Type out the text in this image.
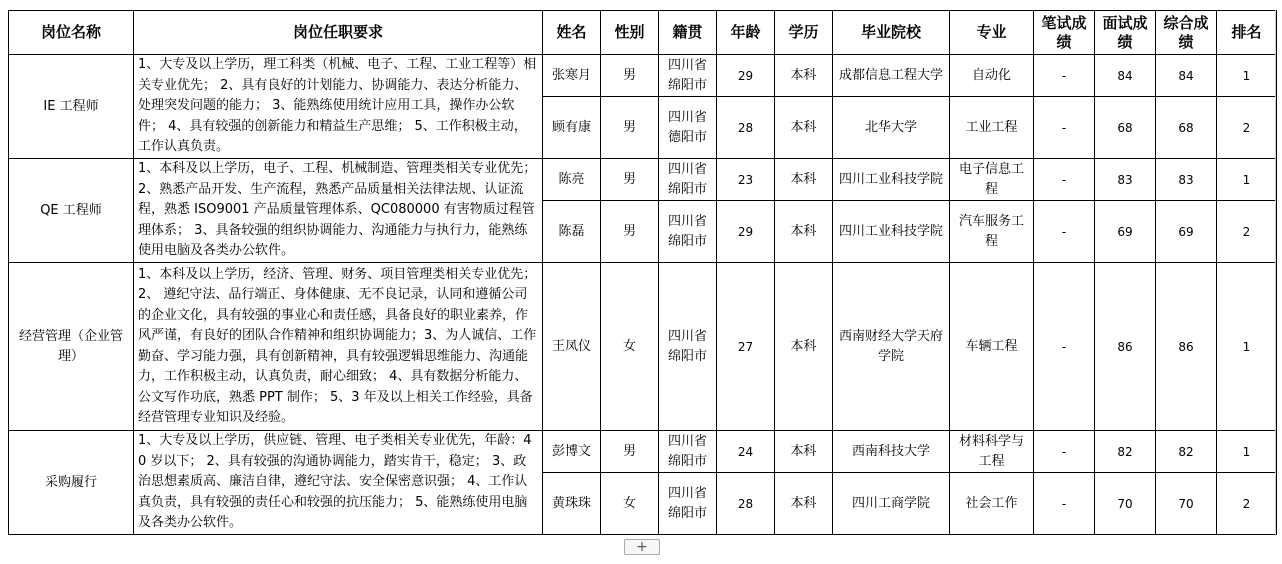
岗位名称	岗位任职要求	姓名	性别	籍贯	年龄	学历	毕业院校	专业	笔试成绩	面试成绩	综合成绩	排名
IE 工程师	1、大专及以上学历，理工科类（机械、电子、工程、工业工程等）相关专业优先； 2、具有良好的计划能力、协调能力、表达分析能力、处理突发问题的能力； 3、能熟练使用统计应用工具，操作办公软件； 4、具有较强的创新能力和精益生产思维； 5、工作积极主动，工作认真负责。	张寒月	男	四川省绵阳市	29	本科	成都信息工程大学	自动化	-	84	84	1
		顾有康	男	四川省德阳市	28	本科	北华大学	工业工程	-	68	68	2
QE 工程师	1、本科及以上学历，电子、工程、机械制造、管理类相关专业优先； 2、熟悉产品开发、生产流程，熟悉产品质量相关法律法规、认证流程，熟悉 ISO9001 产品质量管理体系、QC080000 有害物质过程管理体系； 3、具备较强的组织协调能力、沟通能力与执行力，能熟练使用电脑及各类办公软件。	陈亮	男	四川省绵阳市	23	本科	四川工业科技学院	电子信息工程	-	83	83	1
		陈磊	男	四川省绵阳市	29	本科	四川工业科技学院	汽车服务工程	-	69	69	2
经营管理（企业管理）	1、本科及以上学历，经济、管理、财务、项目管理类相关专业优先； 2、 遵纪守法、品行端正、身体健康、无不良记录，认同和遵循公司的企业文化，具有较强的事业心和责任感，具备良好的职业素养，作风严谨，有良好的团队合作精神和组织协调能力；3、为人诚信、工作勤奋、学习能力强，具有创新精神，具有较强逻辑思维能力、沟通能力，工作积极主动，认真负责，耐心细致； 4、具有数据分析能力、公文写作功底，熟悉 PPT 制作； 5、3 年及以上相关工作经验，具备经营管理专业知识及经验。	王凤仪	女	四川省绵阳市	27	本科	西南财经大学天府学院	车辆工程	-	86	86	1
采购履行	1、大专及以上学历，供应链、管理、电子类相关专业优先，年龄：40 岁以下； 2、具有较强的沟通协调能力，踏实肯干，稳定； 3、政治思想素质高、廉洁自律，遵纪守法、安全保密意识强； 4、工作认真负责，具有较强的责任心和较强的抗压能力； 5、能熟练使用电脑及各类办公软件。	彭博文	男	四川省绵阳市	24	本科	西南科技大学	材料科学与工程	-	82	82	1
		黄珠珠	女	四川省绵阳市	28	本科	四川工商学院	社会工作	-	70	70	2
+
